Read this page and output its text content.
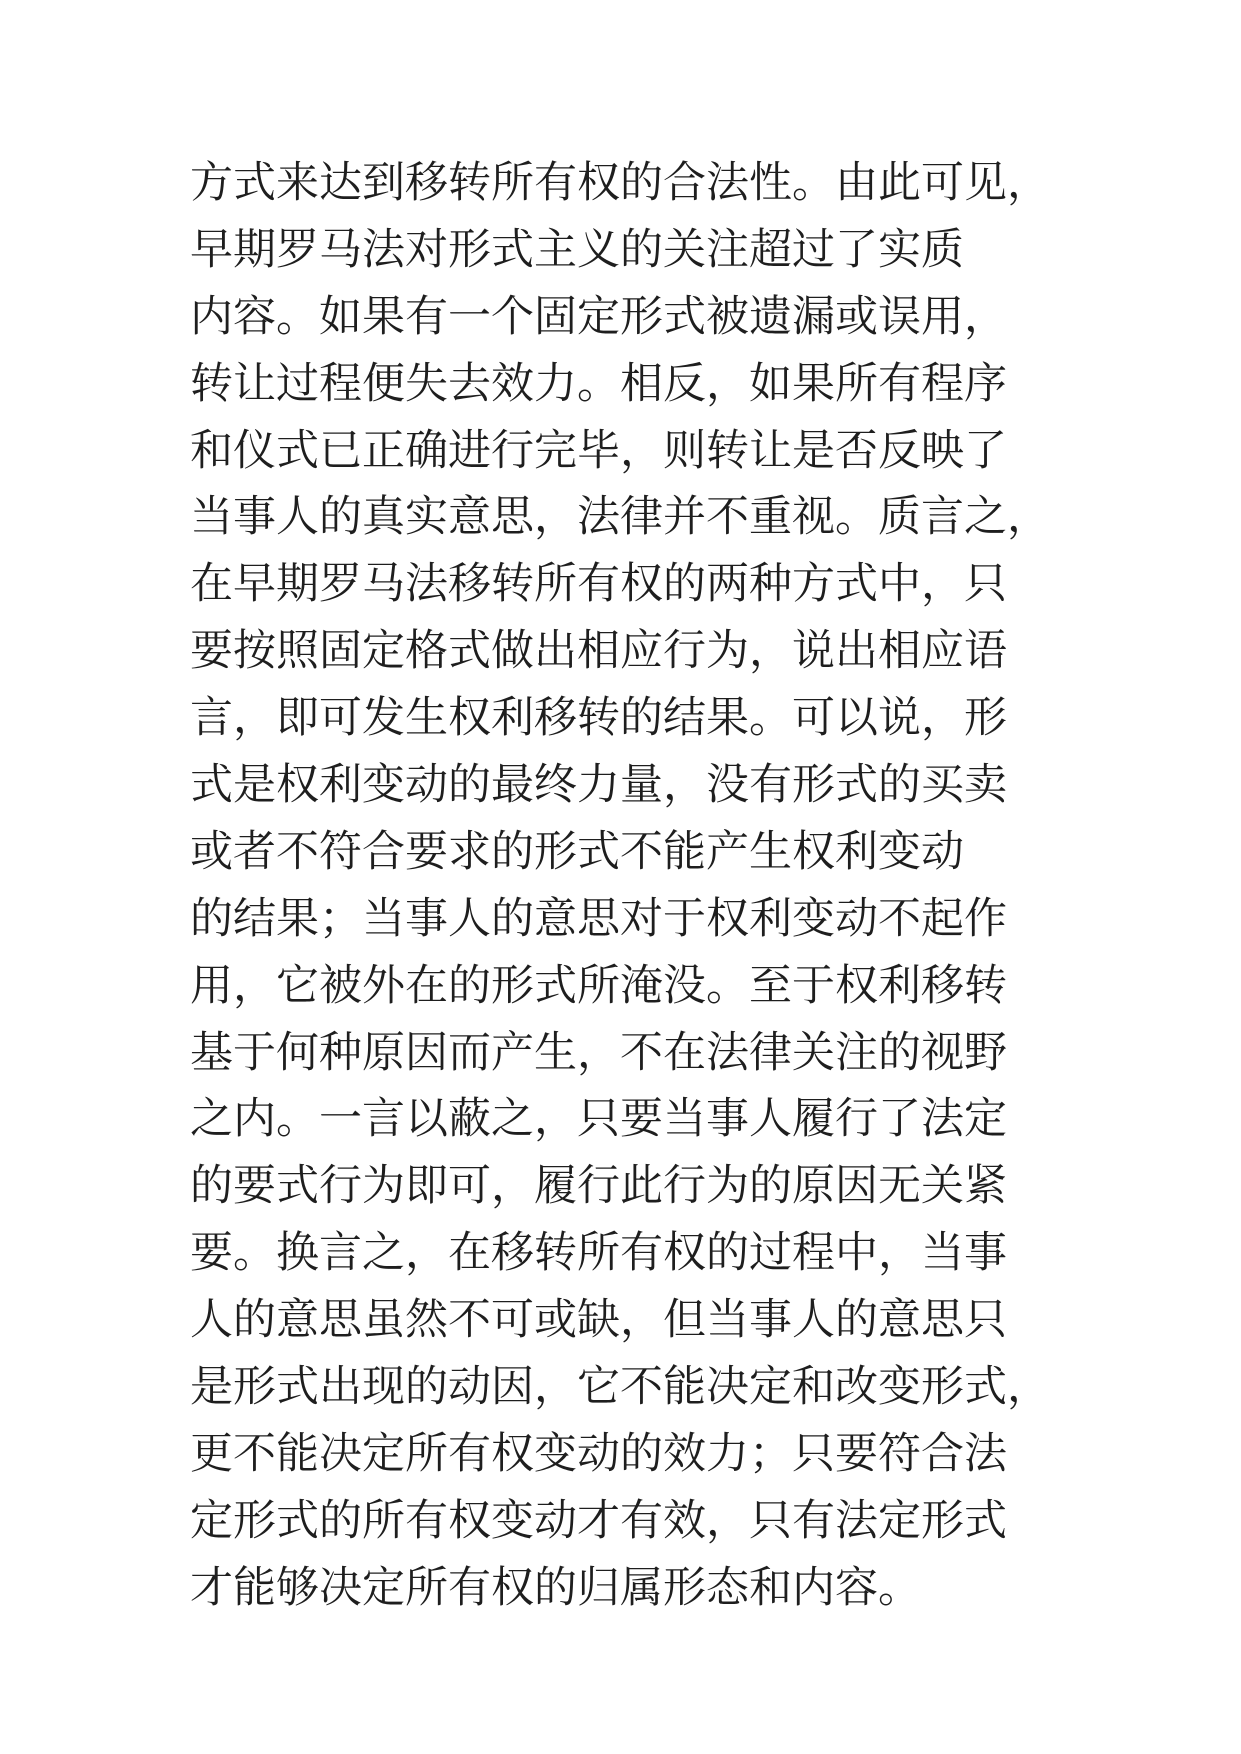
方式来达到移转所有权的合法性。由此可见，
早期罗马法对形式主义的关注超过了实质
内容。如果有一个固定形式被遗漏或误用，
转让过程便失去效力。相反，如果所有程序
和仪式已正确进行完毕，则转让是否反映了
当事人的真实意思，法律并不重视。质言之，
在早期罗马法移转所有权的两种方式中，只
要按照固定格式做出相应行为，说出相应语
言，即可发生权利移转的结果。可以说，形
式是权利变动的最终力量，没有形式的买卖
或者不符合要求的形式不能产生权利变动
的结果；当事人的意思对于权利变动不起作
用，它被外在的形式所淹没。至于权利移转
基于何种原因而产生，不在法律关注的视野
之内。一言以蔽之，只要当事人履行了法定
的要式行为即可，履行此行为的原因无关紧
要。换言之，在移转所有权的过程中，当事
人的意思虽然不可或缺，但当事人的意思只
是形式出现的动因，它不能决定和改变形式，
更不能决定所有权变动的效力；只要符合法
定形式的所有权变动才有效，只有法定形式
才能够决定所有权的归属形态和内容。
